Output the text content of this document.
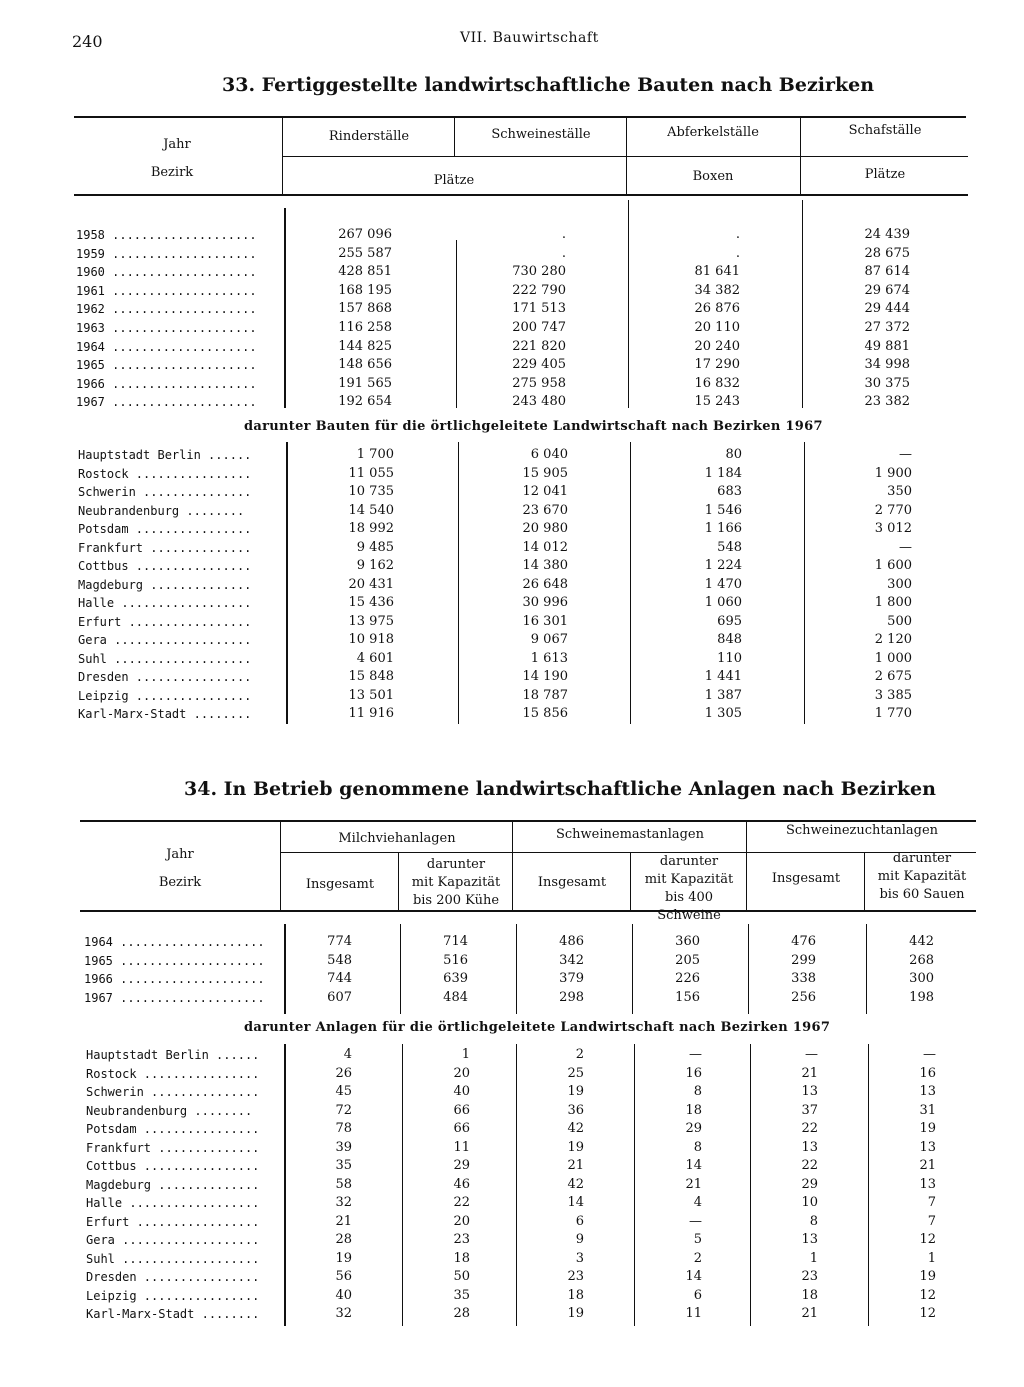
240	VII. Bauwirtschaft
33. Fertiggestellte landwirtschaftliche Bauten nach Bezirken
Jahr
Bezirk
Rinderställe	Schweineställe	Abferkelställe	Schafställe
Plätze	Boxen	Plätze
1958 ....................	267 096	.	.	24 439
1959 ....................	255 587	.	.	28 675
1960 ....................	428 851	730 280	81 641	87 614
1961 ....................	168 195	222 790	34 382	29 674
1962 ....................	157 868	171 513	26 876	29 444
1963 ....................	116 258	200 747	20 110	27 372
1964 ....................	144 825	221 820	20 240	49 881
1965 ....................	148 656	229 405	17 290	34 998
1966 ....................	191 565	275 958	16 832	30 375
1967 ....................	192 654	243 480	15 243	23 382
darunter Bauten für die örtlichgeleitete Landwirtschaft nach Bezirken 1967
Hauptstadt Berlin ......	1 700	6 040	80	—
Rostock ................	11 055	15 905	1 184	1 900
Schwerin ...............	10 735	12 041	683	350
Neubrandenburg ........	14 540	23 670	1 546	2 770
Potsdam ................	18 992	20 980	1 166	3 012
Frankfurt ..............	9 485	14 012	548	—
Cottbus ................	9 162	14 380	1 224	1 600
Magdeburg ..............	20 431	26 648	1 470	300
Halle ..................	15 436	30 996	1 060	1 800
Erfurt .................	13 975	16 301	695	500
Gera ...................	10 918	9 067	848	2 120
Suhl ...................	4 601	1 613	110	1 000
Dresden ................	15 848	14 190	1 441	2 675
Leipzig ................	13 501	18 787	1 387	3 385
Karl-Marx-Stadt ........	11 916	15 856	1 305	1 770
34. In Betrieb genommene landwirtschaftliche Anlagen nach Bezirken
Jahr
Bezirk
Milchviehanlagen	Schweinemastanlagen	Schweinezuchtanlagen
Insgesamt
darunter
mit Kapazität
bis 200 Kühe
Insgesamt
darunter
mit Kapazität
bis 400 Schweine
Insgesamt
darunter
mit Kapazität
bis 60 Sauen
1964 ....................	774	714	486	360	476	442
1965 ....................	548	516	342	205	299	268
1966 ....................	744	639	379	226	338	300
1967 ....................	607	484	298	156	256	198
darunter Anlagen für die örtlichgeleitete Landwirtschaft nach Bezirken 1967
Hauptstadt Berlin ......	4	1	2	—	—	—
Rostock ................	26	20	25	16	21	16
Schwerin ...............	45	40	19	8	13	13
Neubrandenburg ........	72	66	36	18	37	31
Potsdam ................	78	66	42	29	22	19
Frankfurt ..............	39	11	19	8	13	13
Cottbus ................	35	29	21	14	22	21
Magdeburg ..............	58	46	42	21	29	13
Halle ..................	32	22	14	4	10	7
Erfurt .................	21	20	6	—	8	7
Gera ...................	28	23	9	5	13	12
Suhl ...................	19	18	3	2	1	1
Dresden ................	56	50	23	14	23	19
Leipzig ................	40	35	18	6	18	12
Karl-Marx-Stadt ........	32	28	19	11	21	12
